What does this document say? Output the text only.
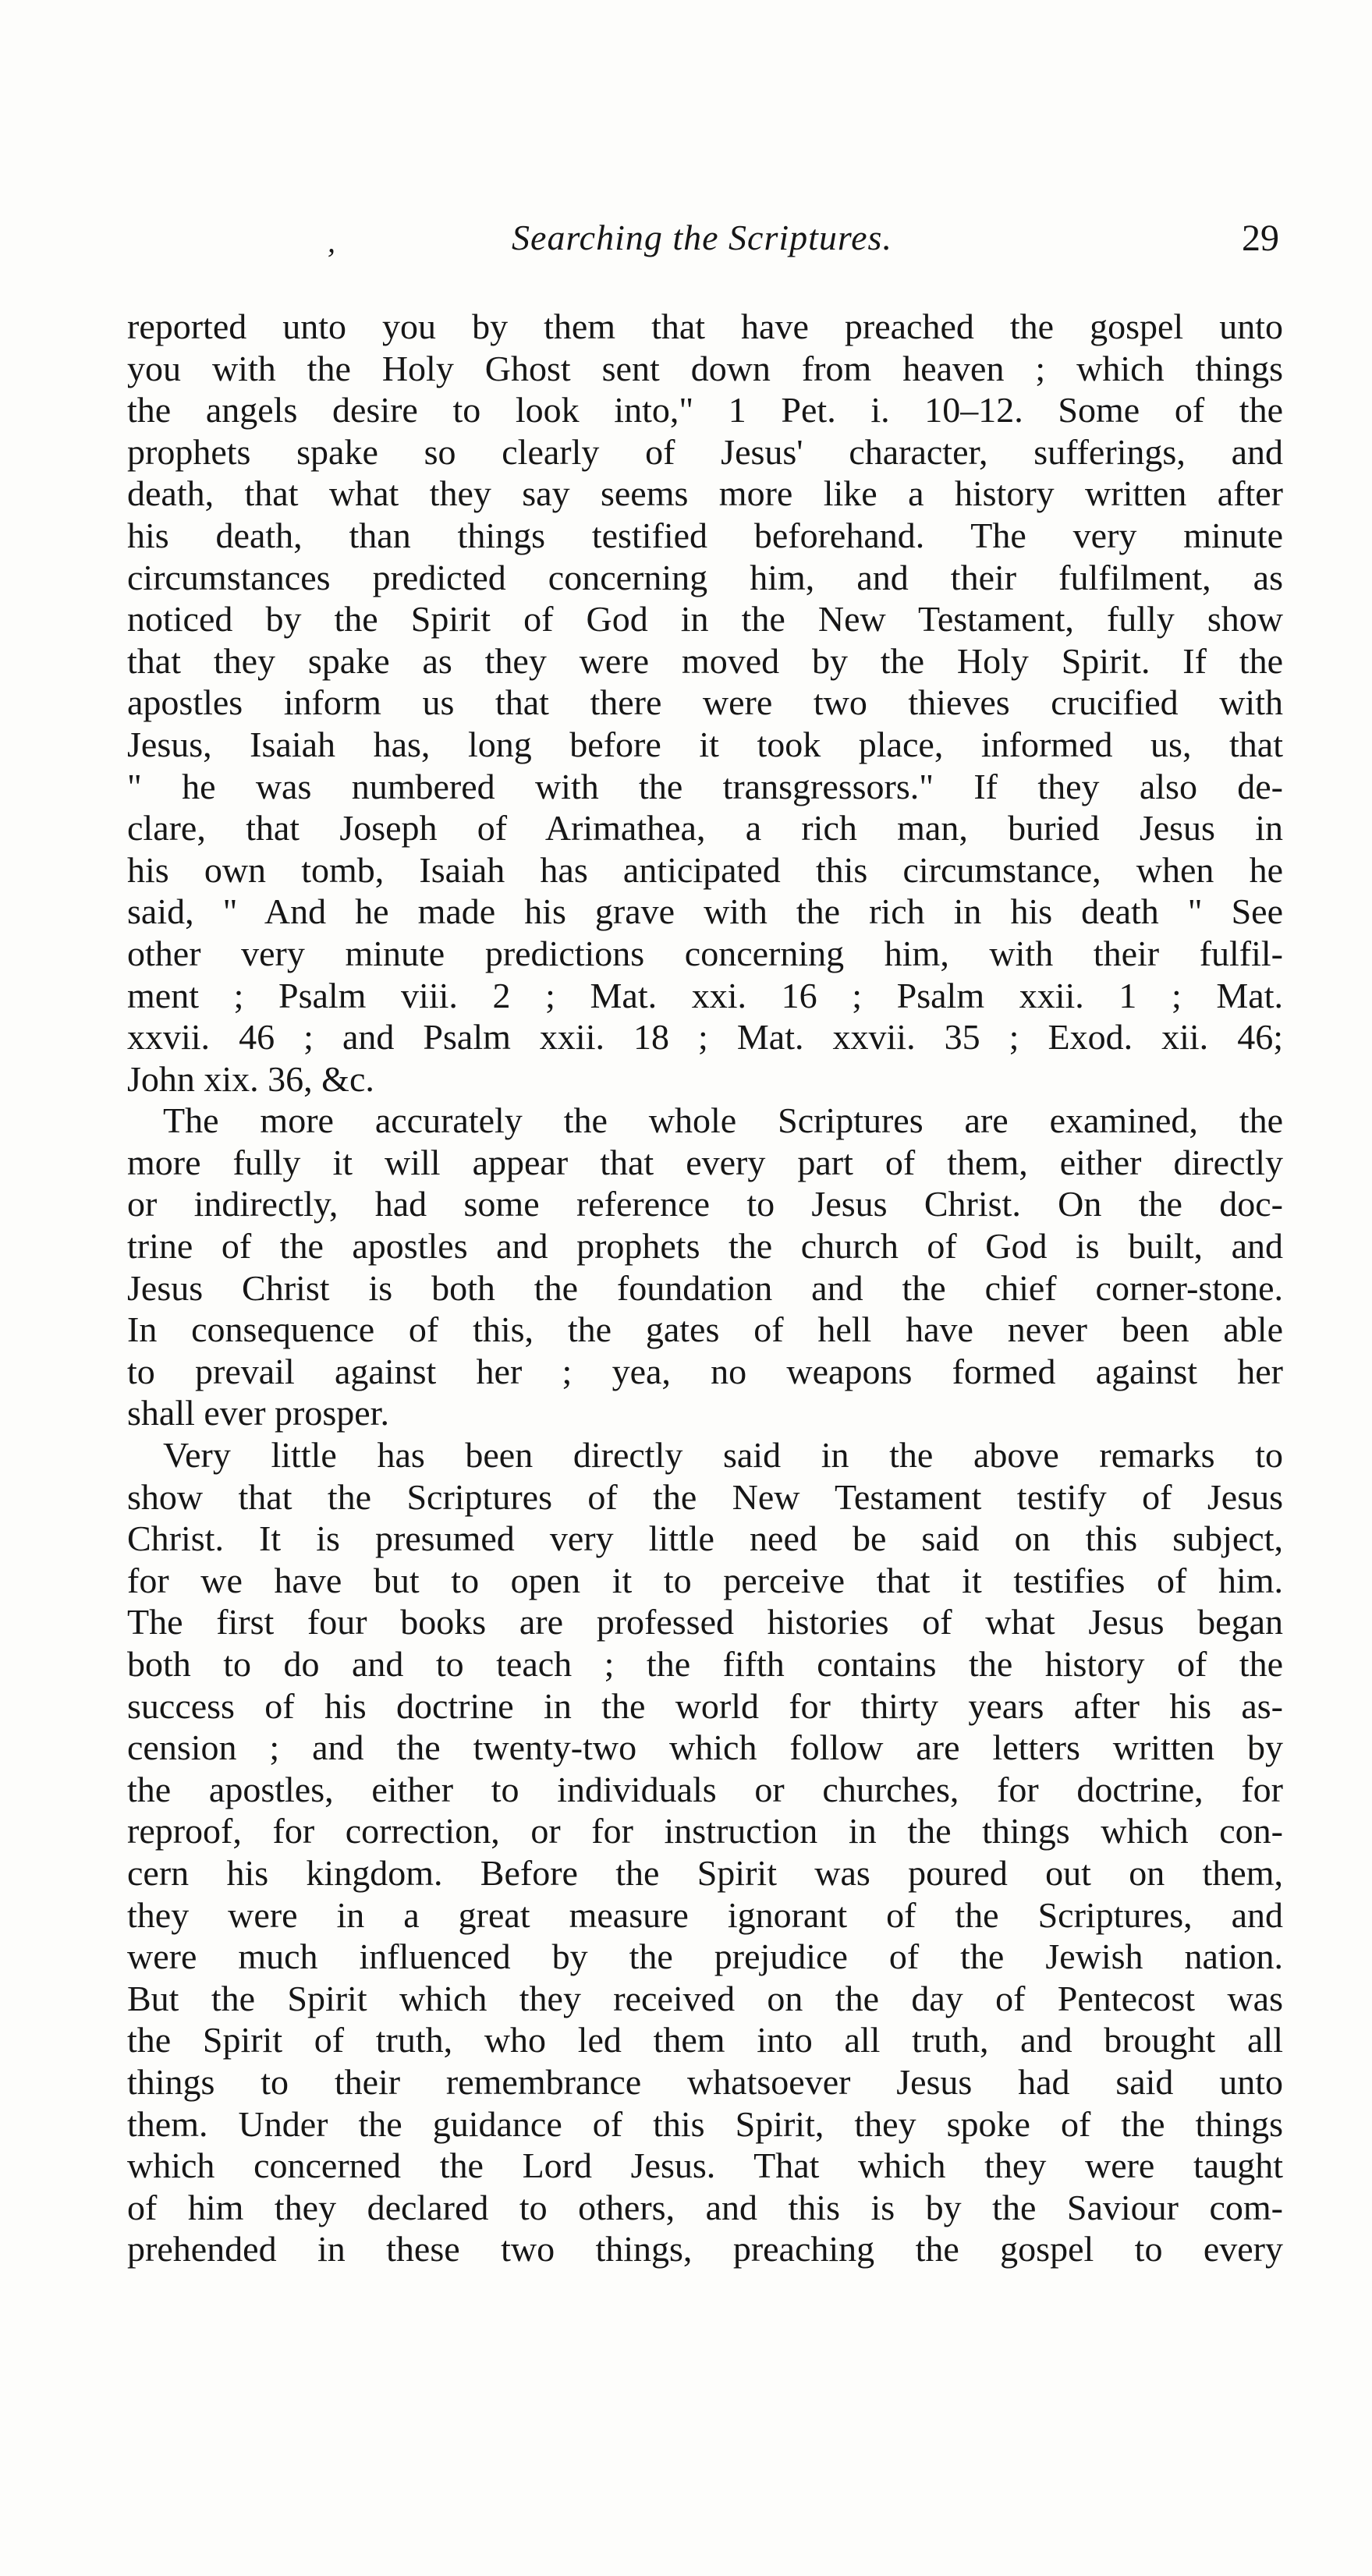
,	Searching the Scriptures.	29
reported unto you by them that have preached the gospel unto
you with the Holy Ghost sent down from heaven ; which things
the angels desire to look into," 1 Pet. i. 10–12. Some of the
prophets spake so clearly of Jesus' character, sufferings, and
death, that what they say seems more like a history written after
his death, than things testified beforehand. The very minute
circumstances predicted concerning him, and their fulfilment, as
noticed by the Spirit of God in the New Testament, fully show
that they spake as they were moved by the Holy Spirit. If the
apostles inform us that there were two thieves crucified with
Jesus, Isaiah has, long before it took place, informed us, that
" he was numbered with the transgressors." If they also de-
clare, that Joseph of Arimathea, a rich man, buried Jesus in
his own tomb, Isaiah has anticipated this circumstance, when he
said, " And he made his grave with the rich in his death " See
other very minute predictions concerning him, with their fulfil-
ment ; Psalm viii. 2 ; Mat. xxi. 16 ; Psalm xxii. 1 ; Mat.
xxvii. 46 ; and Psalm xxii. 18 ; Mat. xxvii. 35 ; Exod. xii. 46;
John xix. 36, &c.
The more accurately the whole Scriptures are examined, the
more fully it will appear that every part of them, either directly
or indirectly, had some reference to Jesus Christ. On the doc-
trine of the apostles and prophets the church of God is built, and
Jesus Christ is both the foundation and the chief corner-stone.
In consequence of this, the gates of hell have never been able
to prevail against her ; yea, no weapons formed against her
shall ever prosper.
Very little has been directly said in the above remarks to
show that the Scriptures of the New Testament testify of Jesus
Christ. It is presumed very little need be said on this subject,
for we have but to open it to perceive that it testifies of him.
The first four books are professed histories of what Jesus began
both to do and to teach ; the fifth contains the history of the
success of his doctrine in the world for thirty years after his as-
cension ; and the twenty-two which follow are letters written by
the apostles, either to individuals or churches, for doctrine, for
reproof, for correction, or for instruction in the things which con-
cern his kingdom. Before the Spirit was poured out on them,
they were in a great measure ignorant of the Scriptures, and
were much influenced by the prejudice of the Jewish nation.
But the Spirit which they received on the day of Pentecost was
the Spirit of truth, who led them into all truth, and brought all
things to their remembrance whatsoever Jesus had said unto
them. Under the guidance of this Spirit, they spoke of the things
which concerned the Lord Jesus. That which they were taught
of him they declared to others, and this is by the Saviour com-
prehended in these two things, preaching the gospel to every
